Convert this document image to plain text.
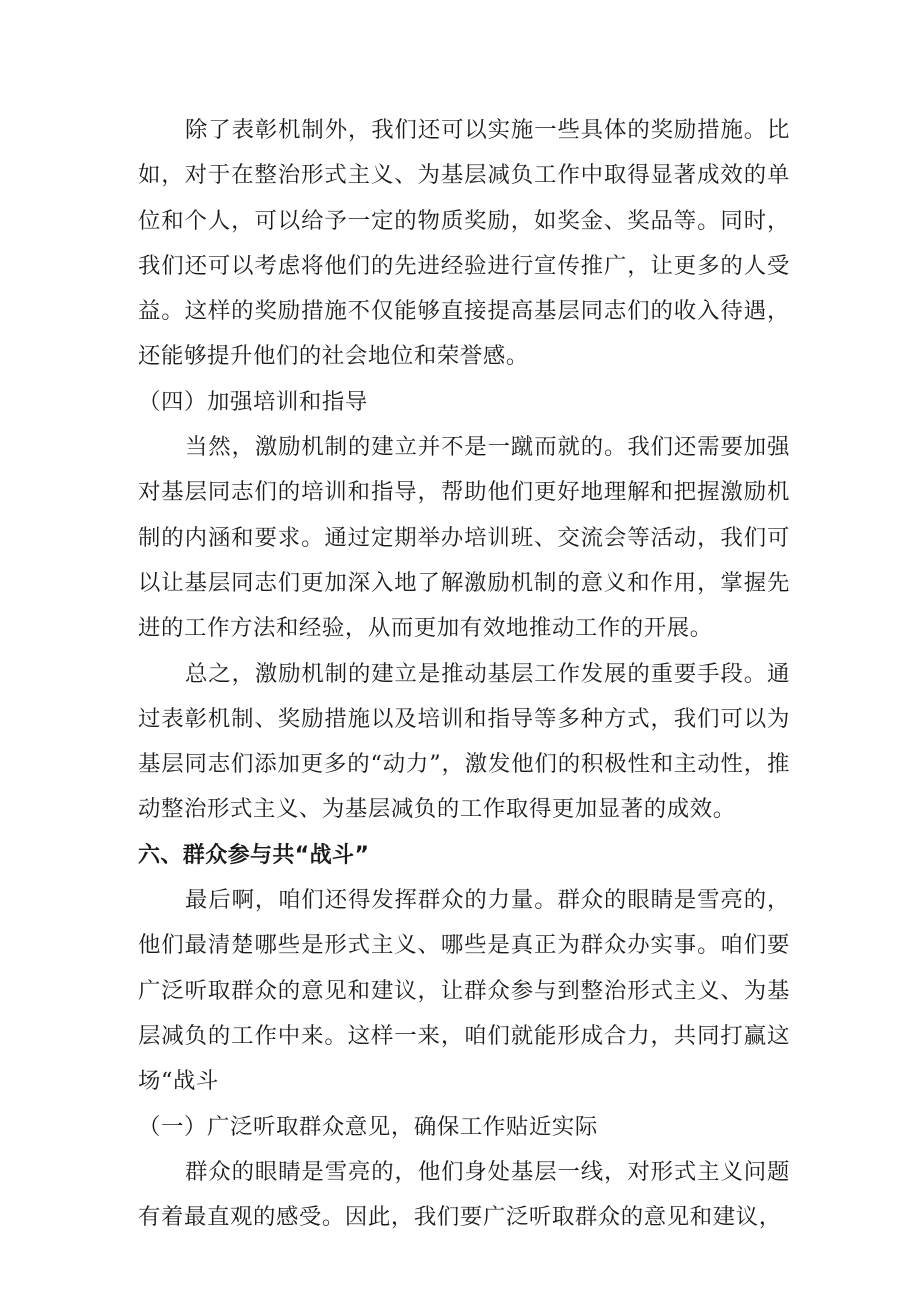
除了表彰机制外，我们还可以实施一些具体的奖励措施。比如，对于在整治形式主义、为基层减负工作中取得显著成效的单位和个人，可以给予一定的物质奖励，如奖金、奖品等。同时，我们还可以考虑将他们的先进经验进行宣传推广，让更多的人受益。这样的奖励措施不仅能够直接提高基层同志们的收入待遇，还能够提升他们的社会地位和荣誉感。

（四）加强培训和指导

当然，激励机制的建立并不是一蹴而就的。我们还需要加强对基层同志们的培训和指导，帮助他们更好地理解和把握激励机制的内涵和要求。通过定期举办培训班、交流会等活动，我们可以让基层同志们更加深入地了解激励机制的意义和作用，掌握先进的工作方法和经验，从而更加有效地推动工作的开展。

总之，激励机制的建立是推动基层工作发展的重要手段。通过表彰机制、奖励措施以及培训和指导等多种方式，我们可以为基层同志们添加更多的“动力”，激发他们的积极性和主动性，推动整治形式主义、为基层减负的工作取得更加显著的成效。

六、群众参与共“战斗”

最后啊，咱们还得发挥群众的力量。群众的眼睛是雪亮的，他们最清楚哪些是形式主义、哪些是真正为群众办实事。咱们要广泛听取群众的意见和建议，让群众参与到整治形式主义、为基层减负的工作中来。这样一来，咱们就能形成合力，共同打赢这场“战斗

（一）广泛听取群众意见，确保工作贴近实际

群众的眼睛是雪亮的，他们身处基层一线，对形式主义问题有着最直观的感受。因此，我们要广泛听取群众的意见和建议，
